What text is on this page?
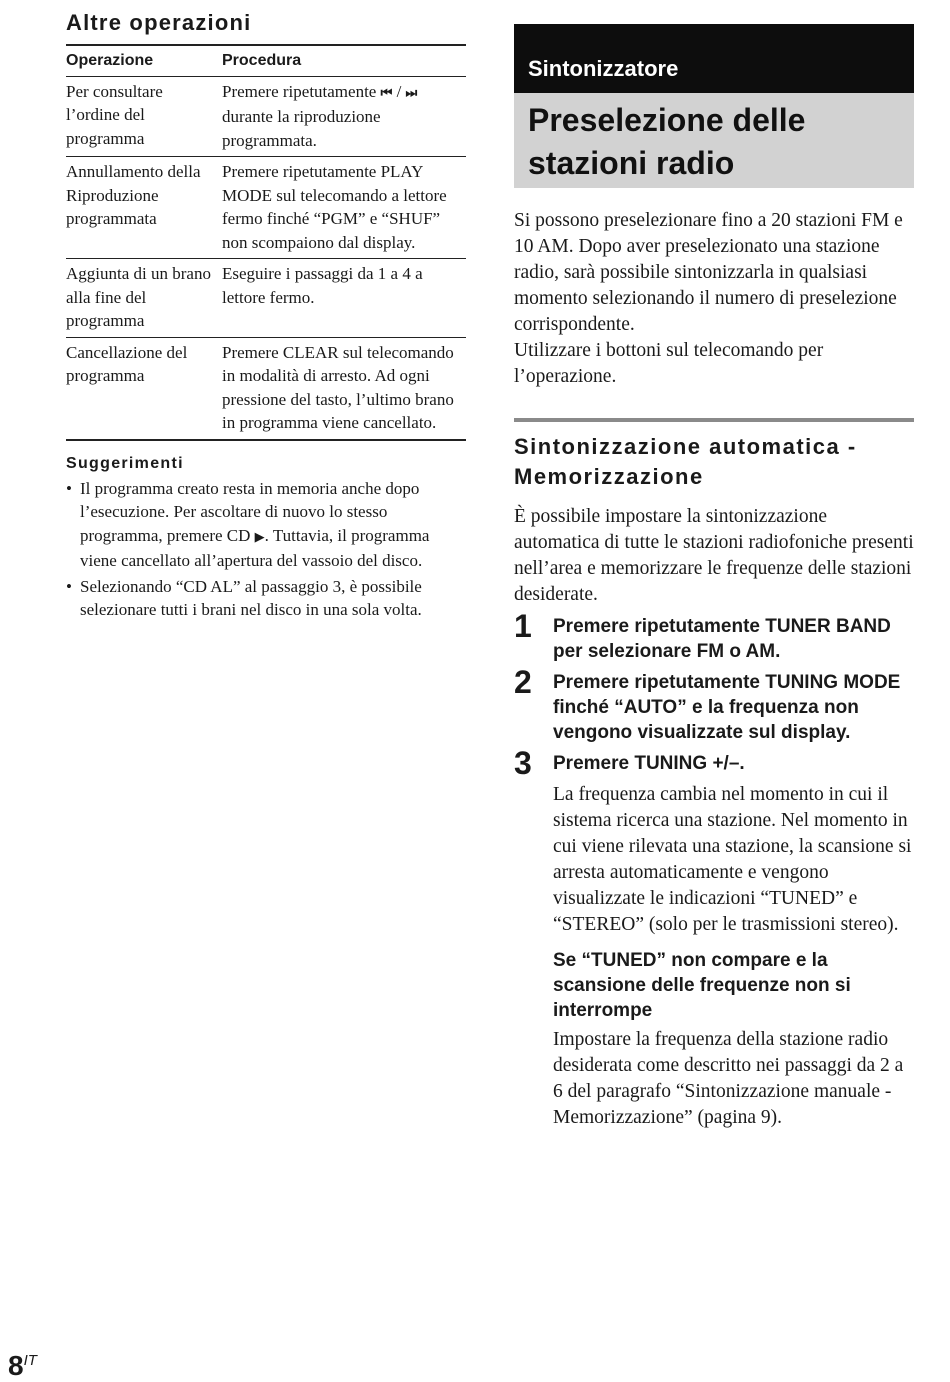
Altre operazioni
Operazione	Procedura
Per consultare l’ordine del programma	Premere ripetutamente ⏮ / ⏭ durante la riproduzione programmata.
Annullamento della Riproduzione programmata	Premere ripetutamente PLAY MODE sul telecomando a lettore fermo finché “PGM” e “SHUF” non scompaiono dal display.
Aggiunta di un brano alla fine del programma	Eseguire i passaggi da 1 a 4 a lettore fermo.
Cancellazione del programma	Premere CLEAR sul telecomando in modalità di arresto. Ad ogni pressione del tasto, l’ultimo brano in programma viene cancellato.
Suggerimenti
• Il programma creato resta in memoria anche dopo l’esecuzione. Per ascoltare di nuovo lo stesso programma, premere CD ▶. Tuttavia, il programma viene cancellato all’apertura del vassoio del disco.
• Selezionando “CD AL” al passaggio 3, è possibile selezionare tutti i brani nel disco in una sola volta.
Sintonizzatore
Preselezione delle stazioni radio

Si possono preselezionare fino a 20 stazioni FM e 10 AM. Dopo aver preselezionato una stazione radio, sarà possibile sintonizzarla in qualsiasi momento selezionando il numero di preselezione corrispondente.

Utilizzare i bottoni sul telecomando per l’operazione.

Sintonizzazione automatica - Memorizzazione

È possibile impostare la sintonizzazione automatica di tutte le stazioni radiofoniche presenti nell’area e memorizzare le frequenze delle stazioni desiderate.

1 Premere ripetutamente TUNER BAND per selezionare FM o AM.
2 Premere ripetutamente TUNING MODE finché “AUTO” e la frequenza non vengono visualizzate sul display.
3 Premere TUNING +/–.

La frequenza cambia nel momento in cui il sistema ricerca una stazione. Nel momento in cui viene rilevata una stazione, la scansione si arresta automaticamente e vengono visualizzate le indicazioni “TUNED” e “STEREO” (solo per le trasmissioni stereo).

Se “TUNED” non compare e la scansione delle frequenze non si interrompe

Impostare la frequenza della stazione radio desiderata come descritto nei passaggi da 2 a 6 del paragrafo “Sintonizzazione manuale - Memorizzazione” (pagina 9).

$8^{IT}$
